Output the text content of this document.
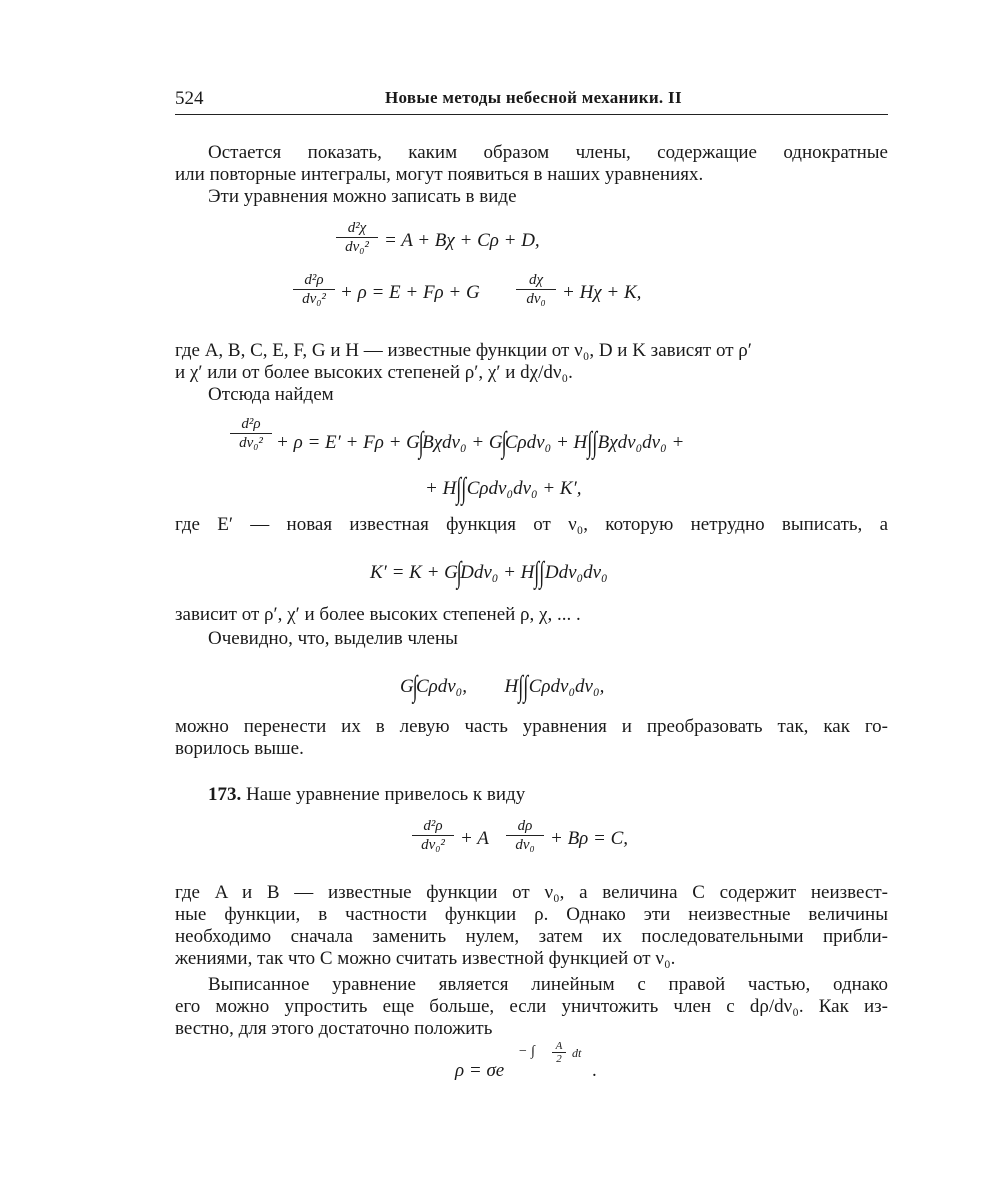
524	Новые методы небесной механики. II
Остается показать, каким образом члены, содержащие однократные
или повторные интегралы, могут появиться в наших уравнениях.
Эти уравнения можно записать в виде
$\frac{\text{d²χ}}{\text{dν₀²}} = A + B\chi + C\rho + D$,
$\frac{\text{d²ρ}}{\text{dν₀²}} + \rho = E + F\rho + G \frac{d\chi}{\text{dν₀}} + H\chi + K$,
где A, B, C, E, F, G и H — известные функции от ν₀, D и K зависят от ρ′
и χ′ или от более высоких степеней ρ′, χ′ и dχ/dν₀.
Отсюда найдем
$\frac{\text{d²ρ}}{\text{dν₀²}} + \rho = E' + F\rho + G\int B\chi d\nu_0 + G\int C\rho d\nu_0 + H\int\int B\chi d\nu_0d\nu_0$ +
+ H∫∫Cρdν₀dν₀ + K′,
где E′ — новая известная функция от ν₀, которую нетрудно выписать, а
K′ = K + G∫Ddν₀ + H∫∫Ddν₀dν₀
зависит от ρ′, χ′ и более высоких степеней ρ, χ, ... .
Очевидно, что, выделив члены
G∫Cρdν₀, H∫∫Cρdν₀dν₀,
можно перенести их в левую часть уравнения и преобразовать так, как го-
ворилось выше.
173. Наше уравнение привелось к виду
$\frac{\text{d²ρ}}{\text{dν₀²}} + A \frac{d\rho}{\text{dν₀}} + B\rho = C$,
где A и B — известные функции от ν₀, а величина C содержит неизвест-
ные функции, в частности функции ρ. Однако эти неизвестные величины
необходимо сначала заменить нулем, затем их последовательными прибли-
жениями, так что C можно считать известной функцией от ν₀.
Выписанное уравнение является линейным с правой частью, однако
его можно упростить еще больше, если уничтожить член с dρ/dν₀. Как из-
вестно, для этого достаточно положить
ρ = σe
− ∫ $\frac{A}{2}$ dt
.
